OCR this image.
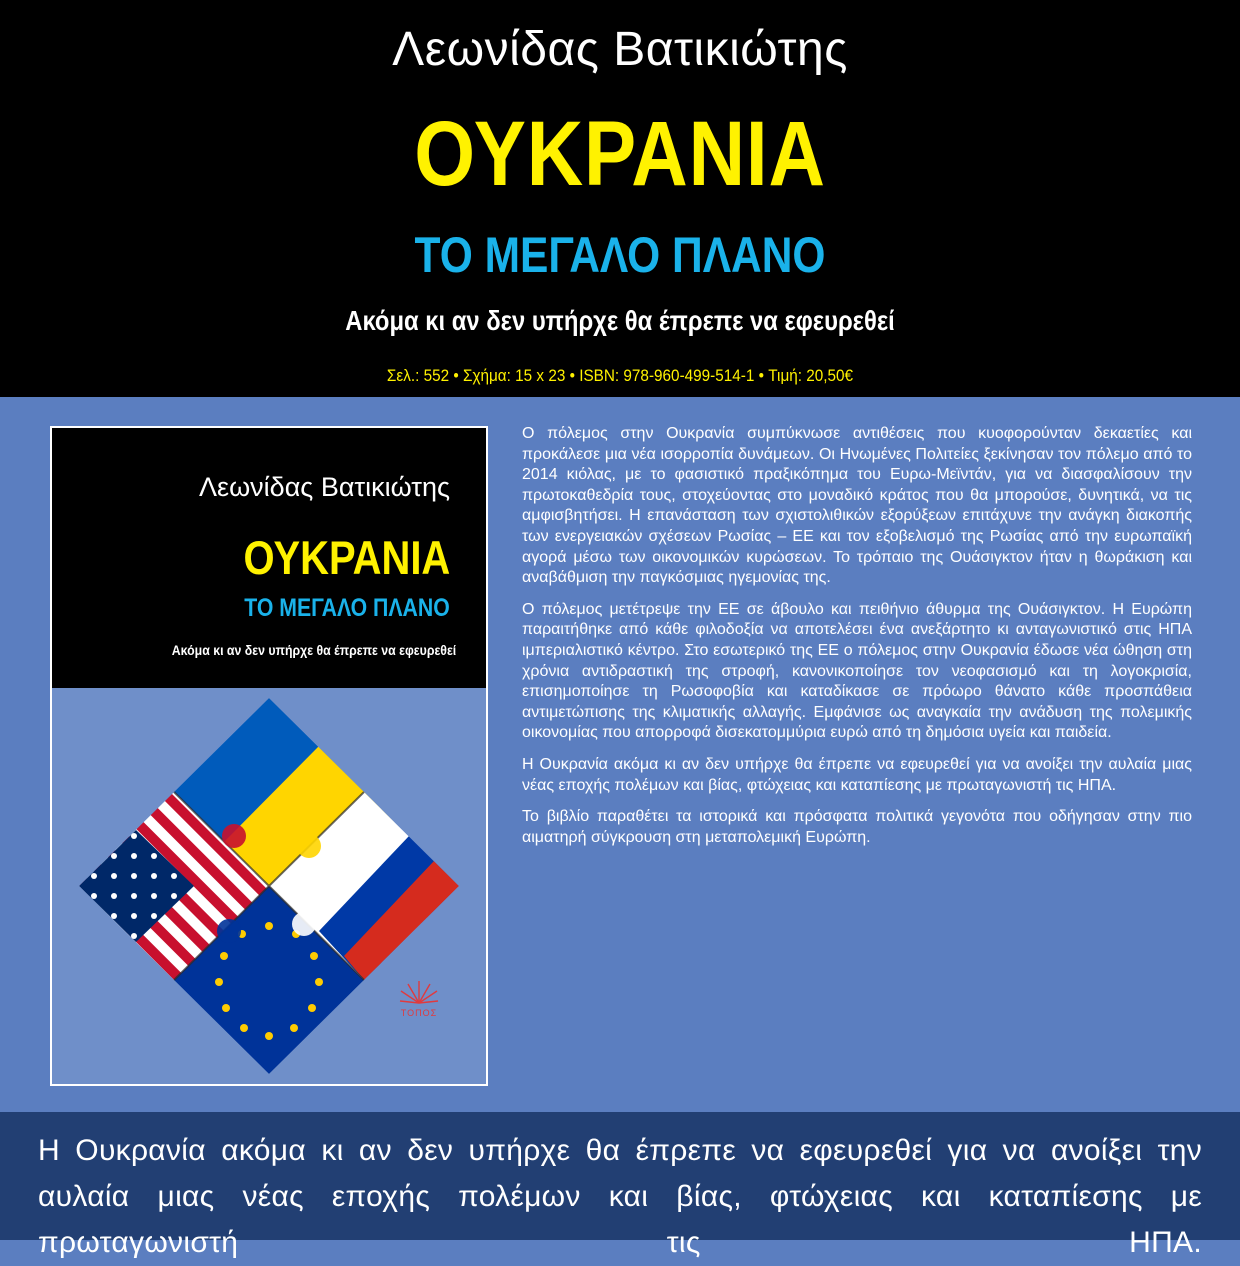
Λεωνίδας Βατικιώτης
ΟΥΚΡΑΝΙΑ
ΤΟ ΜΕΓΑΛΟ ΠΛΑΝΟ
Ακόμα κι αν δεν υπήρχε θα έπρεπε να εφευρεθεί
Σελ.: 552 • Σχήμα: 15 x 23 • ISBN: 978-960-499-514-1 • Τιμή: 20,50€
Λεωνίδας Βατικιώτης
ΟΥΚΡΑΝΙΑ
ΤΟ ΜΕΓΑΛΟ ΠΛΑΝΟ
Ακόμα κι αν δεν υπήρχε θα έπρεπε να εφευρεθεί
ΤΟΠΟΣ

Ο πόλεμος στην Ουκρανία συμπύκνωσε αντιθέσεις που κυοφορούνταν δεκαετίες και προκάλεσε μια νέα ισορροπία δυνάμεων. Οι Ηνωμένες Πολιτείες ξεκίνησαν τον πόλεμο από το 2014 κιόλας, με το φασιστικό πραξικόπημα του Ευρω-Μεϊντάν, για να διασφαλίσουν την πρωτοκαθεδρία τους, στοχεύοντας στο μοναδικό κράτος που θα μπορούσε, δυνητικά, να τις αμφισβητήσει. Η επανάσταση των σχιστολιθικών εξορύξεων επιτάχυνε την ανάγκη διακοπής των ενεργειακών σχέσεων Ρωσίας – ΕΕ και τον εξοβελισμό της Ρωσίας από την ευρωπαϊκή αγορά μέσω των οικονομικών κυρώσεων. Το τρόπαιο της Ουάσιγκτον ήταν η θωράκιση και αναβάθμιση την παγκόσμιας ηγεμονίας της.

Ο πόλεμος μετέτρεψε την ΕΕ σε άβουλο και πειθήνιο άθυρμα της Ουάσιγκτον. Η Ευρώπη παραιτήθηκε από κάθε φιλοδοξία να αποτελέσει ένα ανεξάρτητο κι ανταγωνιστικό στις ΗΠΑ ιμπεριαλιστικό κέντρο. Στο εσωτερικό της ΕΕ ο πόλεμος στην Ουκρανία έδωσε νέα ώθηση στη χρόνια αντιδραστική της στροφή, κανονικοποίησε τον νεοφασισμό και τη λογοκρισία, επισημοποίησε τη Ρωσοφοβία και καταδίκασε σε πρόωρο θάνατο κάθε προσπάθεια αντιμετώπισης της κλιματικής αλλαγής. Εμφάνισε ως αναγκαία την ανάδυση της πολεμικής οικονομίας που απορροφά δισεκατομμύρια ευρώ από τη δημόσια υγεία και παιδεία.

Η Ουκρανία ακόμα κι αν δεν υπήρχε θα έπρεπε να εφευρεθεί για να ανοίξει την αυλαία μιας νέας εποχής πολέμων και βίας, φτώχειας και καταπίεσης με πρωταγωνιστή τις ΗΠΑ.

Το βιβλίο παραθέτει τα ιστορικά και πρόσφατα πολιτικά γεγονότα που οδήγησαν στην πιο αιματηρή σύγκρουση στη μεταπολεμική Ευρώπη.

Η Ουκρανία ακόμα κι αν δεν υπήρχε θα έπρεπε να εφευρεθεί για να ανοίξει την αυλαία μιας νέας εποχής πολέμων και βίας, φτώχειας και καταπίεσης με πρωταγωνιστή τις ΗΠΑ.
